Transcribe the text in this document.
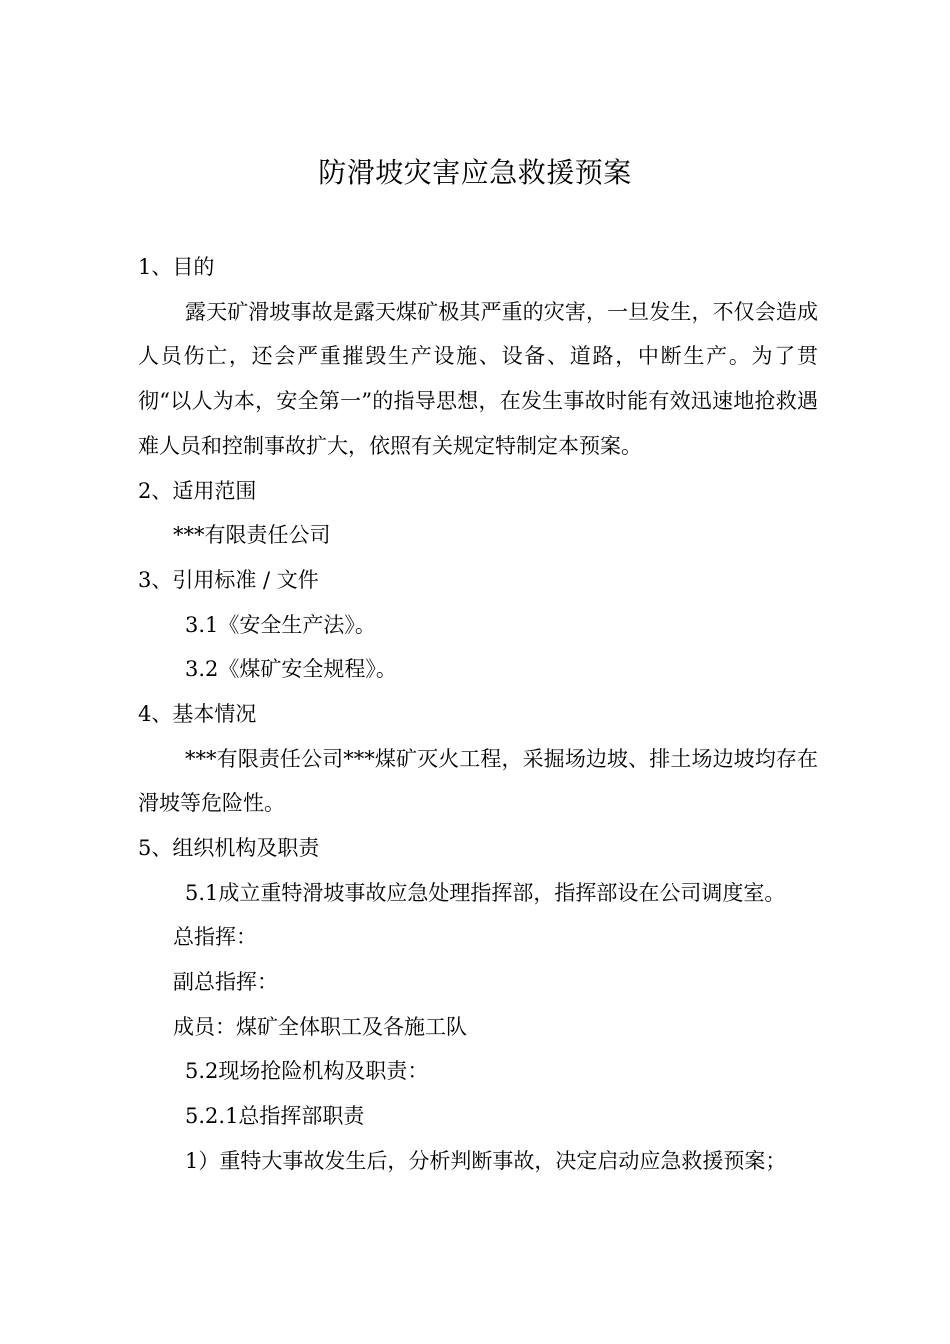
防滑坡灾害应急救援预案
1、目的

露天矿滑坡事故是露天煤矿极其严重的灾害，一旦发生，不仅会造成人员伤亡，还会严重摧毁生产设施、设备、道路，中断生产。为了贯彻“以人为本，安全第一”的指导思想，在发生事故时能有效迅速地抢救遇难人员和控制事故扩大，依照有关规定特制定本预案。

2、适用范围
***有限责任公司
3、引用标准 / 文件
3.1《安全生产法》。
3.2《煤矿安全规程》。
4、基本情况

***有限责任公司***煤矿灭火工程，采掘场边坡、排土场边坡均存在滑坡等危险性。

5、组织机构及职责
5.1成立重特滑坡事故应急处理指挥部，指挥部设在公司调度室。
总指挥：
副总指挥：
成员：煤矿全体职工及各施工队
5.2现场抢险机构及职责：
5.2.1总指挥部职责
1）重特大事故发生后，分析判断事故，决定启动应急救援预案；
